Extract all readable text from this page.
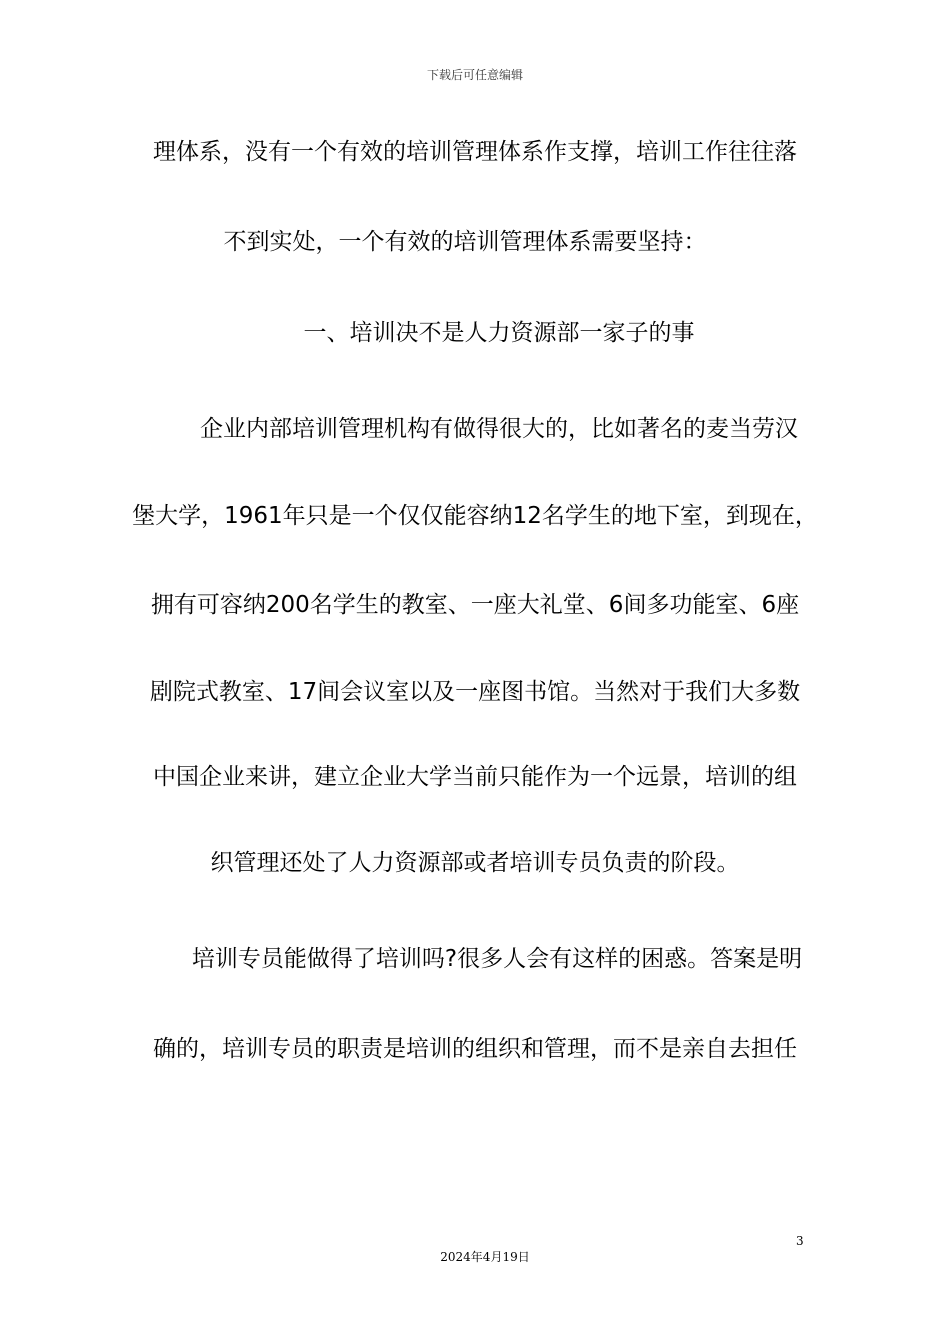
下载后可任意编辑
理体系，没有一个有效的培训管理体系作支撑，培训工作往往落
不到实处，一个有效的培训管理体系需要坚持：
一、培训决不是人力资源部一家子的事
企业内部培训管理机构有做得很大的，比如著名的麦当劳汉
堡大学，1961年只是一个仅仅能容纳12名学生的地下室，到现在，
拥有可容纳200名学生的教室、一座大礼堂、6间多功能室、6座
剧院式教室、17间会议室以及一座图书馆。当然对于我们大多数
中国企业来讲，建立企业大学当前只能作为一个远景，培训的组
织管理还处了人力资源部或者培训专员负责的阶段。
培训专员能做得了培训吗?很多人会有这样的困惑。答案是明
确的，培训专员的职责是培训的组织和管理，而不是亲自去担任
3
2024年4月19日
